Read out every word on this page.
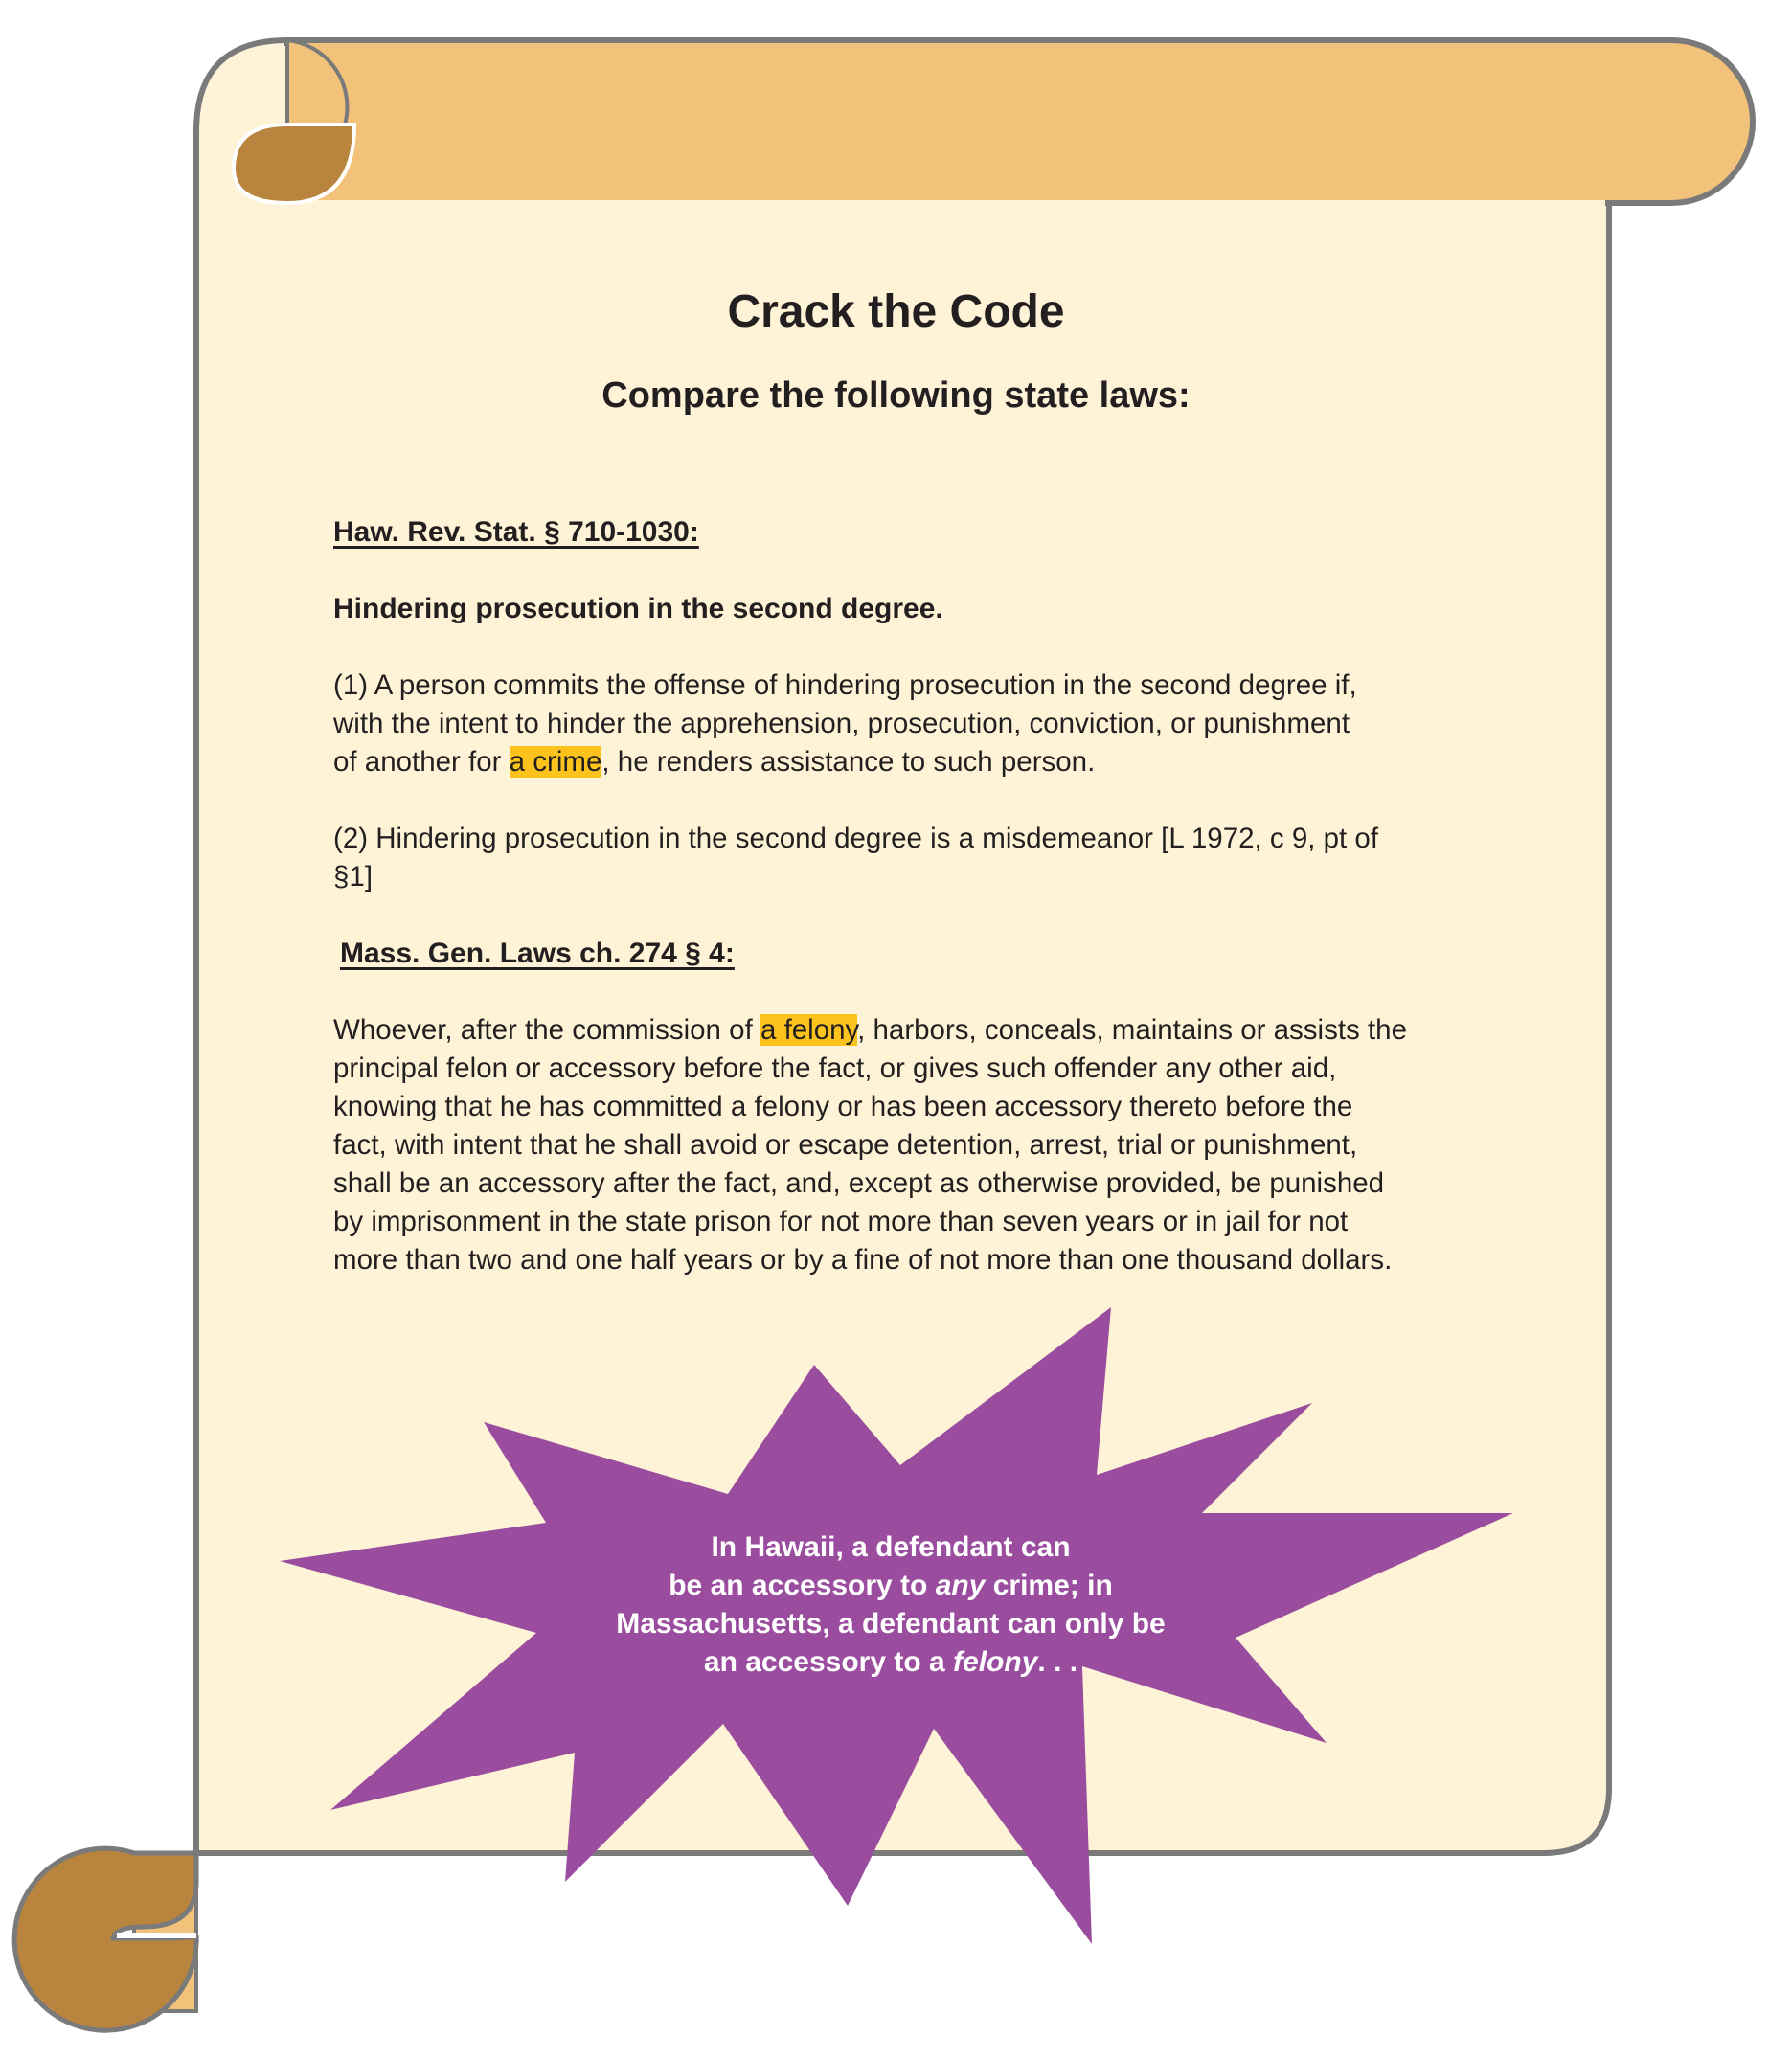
Crack the Code
Compare the following state laws:
Haw. Rev. Stat. § 710-1030:
Hindering prosecution in the second degree.
(1) A person commits the offense of hindering prosecution in the second degree if,
with the intent to hinder the apprehension, prosecution, conviction, or punishment
of another for a crime, he renders assistance to such person.
(2) Hindering prosecution in the second degree is a misdemeanor [L 1972, c 9, pt of
§1]
Mass. Gen. Laws ch. 274 § 4:
Whoever, after the commission of a felony, harbors, conceals, maintains or assists the
principal felon or accessory before the fact, or gives such offender any other aid,
knowing that he has committed a felony or has been accessory thereto before the
fact, with intent that he shall avoid or escape detention, arrest, trial or punishment,
shall be an accessory after the fact, and, except as otherwise provided, be punished
by imprisonment in the state prison for not more than seven years or in jail for not
more than two and one half years or by a fine of not more than one thousand dollars.
In Hawaii, a defendant can
be an accessory to any crime; in
Massachusetts, a defendant can only be
an accessory to a felony. . .
